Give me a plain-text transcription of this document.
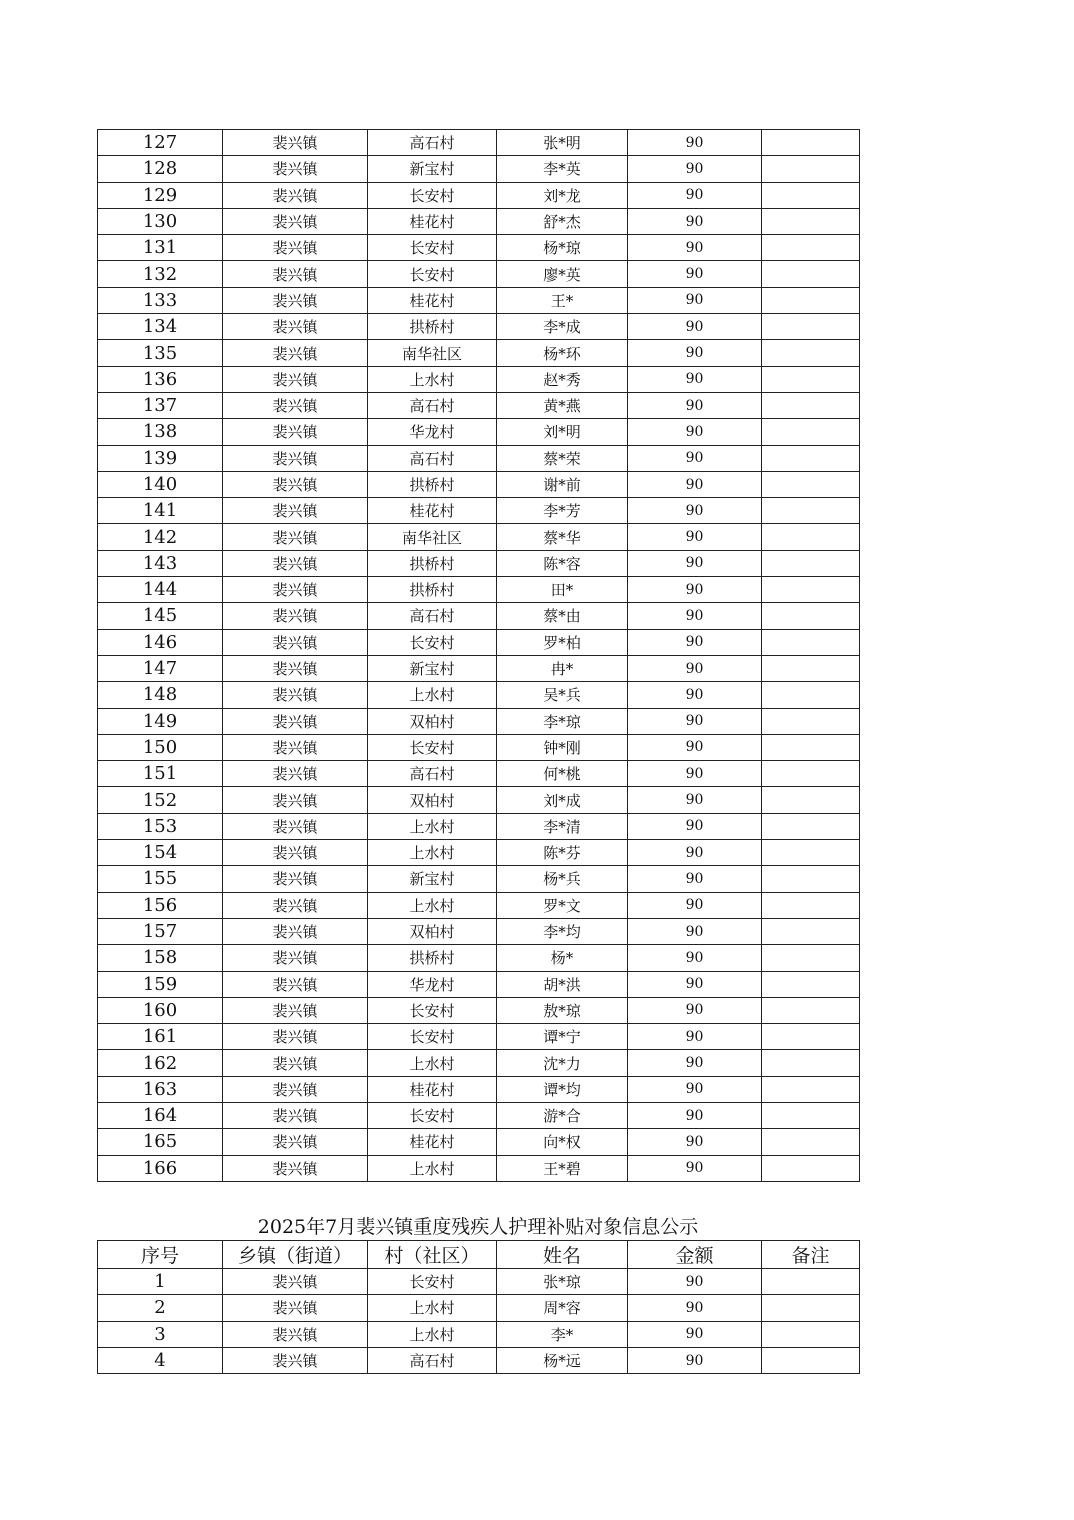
127	裴兴镇	高石村	张*明	90	
128	裴兴镇	新宝村	李*英	90	
129	裴兴镇	长安村	刘*龙	90	
130	裴兴镇	桂花村	舒*杰	90	
131	裴兴镇	长安村	杨*琼	90	
132	裴兴镇	长安村	廖*英	90	
133	裴兴镇	桂花村	王*	90	
134	裴兴镇	拱桥村	李*成	90	
135	裴兴镇	南华社区	杨*环	90	
136	裴兴镇	上水村	赵*秀	90	
137	裴兴镇	高石村	黄*燕	90	
138	裴兴镇	华龙村	刘*明	90	
139	裴兴镇	高石村	蔡*荣	90	
140	裴兴镇	拱桥村	谢*前	90	
141	裴兴镇	桂花村	李*芳	90	
142	裴兴镇	南华社区	蔡*华	90	
143	裴兴镇	拱桥村	陈*容	90	
144	裴兴镇	拱桥村	田*	90	
145	裴兴镇	高石村	蔡*由	90	
146	裴兴镇	长安村	罗*柏	90	
147	裴兴镇	新宝村	冉*	90	
148	裴兴镇	上水村	吴*兵	90	
149	裴兴镇	双柏村	李*琼	90	
150	裴兴镇	长安村	钟*刚	90	
151	裴兴镇	高石村	何*桃	90	
152	裴兴镇	双柏村	刘*成	90	
153	裴兴镇	上水村	李*清	90	
154	裴兴镇	上水村	陈*芬	90	
155	裴兴镇	新宝村	杨*兵	90	
156	裴兴镇	上水村	罗*文	90	
157	裴兴镇	双柏村	李*均	90	
158	裴兴镇	拱桥村	杨*	90	
159	裴兴镇	华龙村	胡*洪	90	
160	裴兴镇	长安村	敖*琼	90	
161	裴兴镇	长安村	谭*宁	90	
162	裴兴镇	上水村	沈*力	90	
163	裴兴镇	桂花村	谭*均	90	
164	裴兴镇	长安村	游*合	90	
165	裴兴镇	桂花村	向*权	90	
166	裴兴镇	上水村	王*碧	90	
2025年7月裴兴镇重度残疾人护理补贴对象信息公示
序号	乡镇（街道）	村（社区）	姓名	金额	备注
1	裴兴镇	长安村	张*琼	90	
2	裴兴镇	上水村	周*容	90	
3	裴兴镇	上水村	李*	90	
4	裴兴镇	高石村	杨*远	90	
